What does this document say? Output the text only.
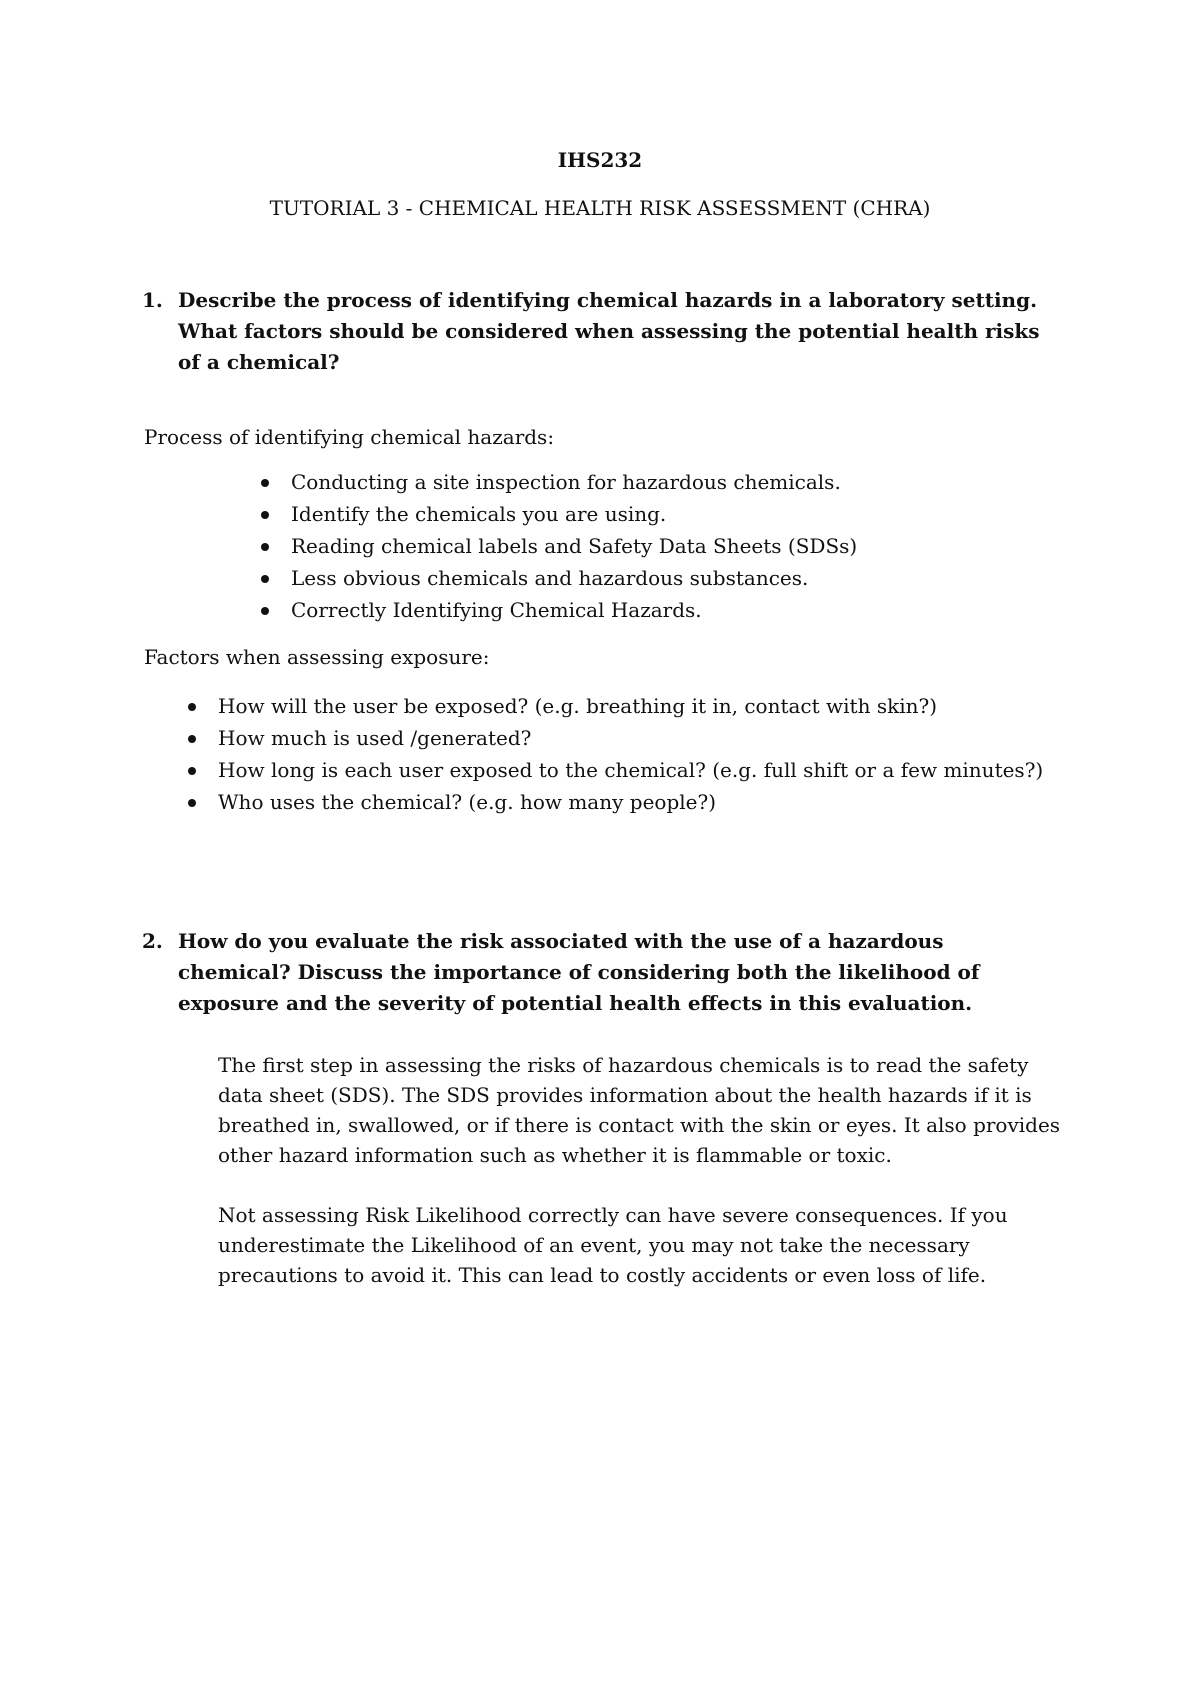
IHS232
TUTORIAL 3 - CHEMICAL HEALTH RISK ASSESSMENT (CHRA)
1. Describe the process of identifying chemical hazards in a laboratory setting. What factors should be considered when assessing the potential health risks of a chemical?

Process of identifying chemical hazards:

Conducting a site inspection for hazardous chemicals.
Identify the chemicals you are using.
Reading chemical labels and Safety Data Sheets (SDSs)
Less obvious chemicals and hazardous substances.
Correctly Identifying Chemical Hazards.

Factors when assessing exposure:

How will the user be exposed? (e.g. breathing it in, contact with skin?)
How much is used /generated?
How long is each user exposed to the chemical? (e.g. full shift or a few minutes?)
Who uses the chemical? (e.g. how many people?)
2. How do you evaluate the risk associated with the use of a hazardous chemical? Discuss the importance of considering both the likelihood of exposure and the severity of potential health effects in this evaluation.

The first step in assessing the risks of hazardous chemicals is to read the safety data sheet (SDS). The SDS provides information about the health hazards if it is breathed in, swallowed, or if there is contact with the skin or eyes. It also provides other hazard information such as whether it is flammable or toxic.

Not assessing Risk Likelihood correctly can have severe consequences. If you underestimate the Likelihood of an event, you may not take the necessary precautions to avoid it. This can lead to costly accidents or even loss of life.
